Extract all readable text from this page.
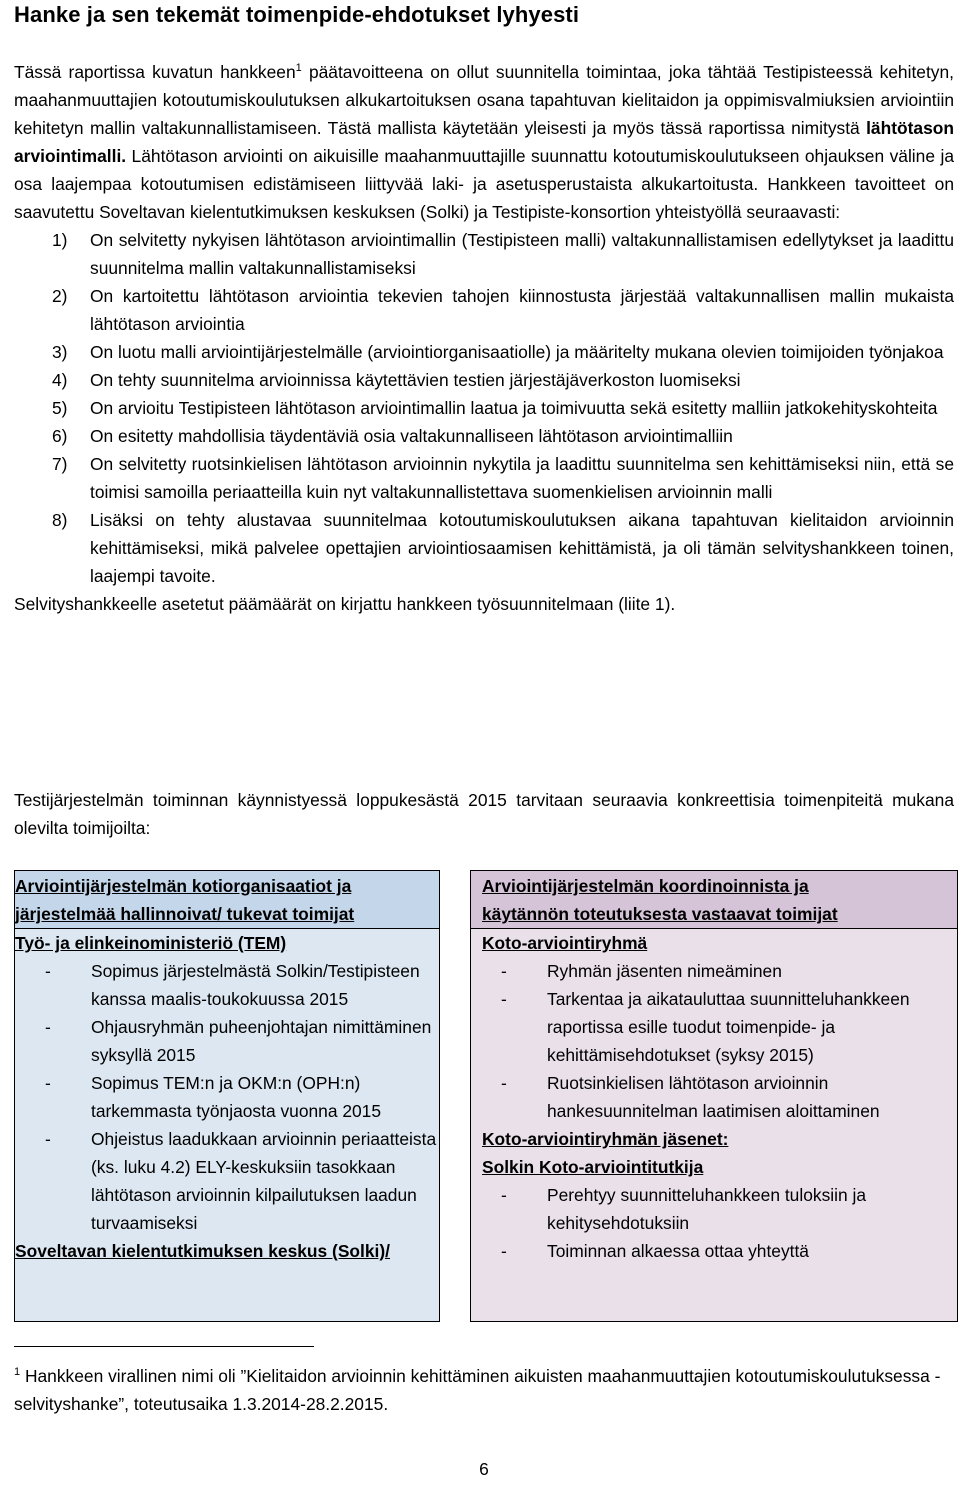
Hanke ja sen tekemät toimenpide-ehdotukset lyhyesti

Tässä raportissa kuvatun hankkeen$^1$ päätavoitteena on ollut suunnitella toimintaa, joka tähtää Testipisteessä kehitetyn, maahanmuuttajien kotoutumiskoulutuksen alkukartoituksen osana tapahtuvan kielitaidon ja oppimisvalmiuksien arviointiin kehitetyn mallin valtakunnallistamiseen. Tästä mallista käytetään yleisesti ja myös tässä raportissa nimitystä lähtötason arviointimalli. Lähtötason arviointi on aikuisille maahanmuuttajille suunnattu kotoutumiskoulutukseen ohjauksen väline ja osa laajempaa kotoutumisen edistämiseen liittyvää laki- ja asetusperustaista alkukartoitusta. Hankkeen tavoitteet on saavutettu Soveltavan kielentutkimuksen keskuksen (Solki) ja Testipiste-konsortion yhteistyöllä seuraavasti:

1) On selvitetty nykyisen lähtötason arviointimallin (Testipisteen malli) valtakunnallistamisen edellytykset ja laadittu suunnitelma mallin valtakunnallistamiseksi
2) On kartoitettu lähtötason arviointia tekevien tahojen kiinnostusta järjestää valtakunnallisen mallin mukaista lähtötason arviointia
3) On luotu malli arviointijärjestelmälle (arviointiorganisaatiolle) ja määritelty mukana olevien toimijoiden työnjakoa
4) On tehty suunnitelma arvioinnissa käytettävien testien järjestäjäverkoston luomiseksi
5) On arvioitu Testipisteen lähtötason arviointimallin laatua ja toimivuutta sekä esitetty malliin jatkokehityskohteita
6) On esitetty mahdollisia täydentäviä osia valtakunnalliseen lähtötason arviointimalliin
7) On selvitetty ruotsinkielisen lähtötason arvioinnin nykytila ja laadittu suunnitelma sen kehittämiseksi niin, että se toimisi samoilla periaatteilla kuin nyt valtakunnallistettava suomenkielisen arvioinnin malli
8) Lisäksi on tehty alustavaa suunnitelmaa kotoutumiskoulutuksen aikana tapahtuvan kielitaidon arvioinnin kehittämiseksi, mikä palvelee opettajien arviointiosaamisen kehittämistä, ja oli tämän selvityshankkeen toinen, laajempi tavoite.

Selvityshankkeelle asetetut päämäärät on kirjattu hankkeen työsuunnitelmaan (liite 1).

Testijärjestelmän toiminnan käynnistyessä loppukesästä 2015 tarvitaan seuraavia konkreettisia toimenpiteitä mukana olevilta toimijoilta:

Arviointijärjestelmän kotiorganisaatiot ja
järjestelmää hallinnoivat/ tukevat toimijat
Työ- ja elinkeinoministeriö (TEM)
- Sopimus järjestelmästä Solkin/Testipisteen kanssa maalis-toukokuussa 2015
- Ohjausryhmän puheenjohtajan nimittäminen syksyllä 2015
- Sopimus TEM:n ja OKM:n (OPH:n) tarkemmasta työnjaosta vuonna 2015
- Ohjeistus laadukkaan arvioinnin periaatteista (ks. luku 4.2) ELY-keskuksiin tasokkaan lähtötason arvioinnin kilpailutuksen laadun turvaamiseksi
Soveltavan kielentutkimuksen keskus (Solki)/
Arviointijärjestelmän koordinoinnista ja
käytännön toteutuksesta vastaavat toimijat
Koto-arviointiryhmä
- Ryhmän jäsenten nimeäminen
- Tarkentaa ja aikatauluttaa suunnitteluhankkeen raportissa esille tuodut toimenpide- ja kehittämisehdotukset (syksy 2015)
- Ruotsinkielisen lähtötason arvioinnin hankesuunnitelman laatimisen aloittaminen
Koto-arviointiryhmän jäsenet:
Solkin Koto-arviointitutkija
- Perehtyy suunnitteluhankkeen tuloksiin ja kehitysehdotuksiin
- Toiminnan alkaessa ottaa yhteyttä
$^1$ Hankkeen virallinen nimi oli ”Kielitaidon arvioinnin kehittäminen aikuisten maahanmuuttajien kotoutumiskoulutuksessa - selvityshanke”, toteutusaika 1.3.2014-28.2.2015.
6
